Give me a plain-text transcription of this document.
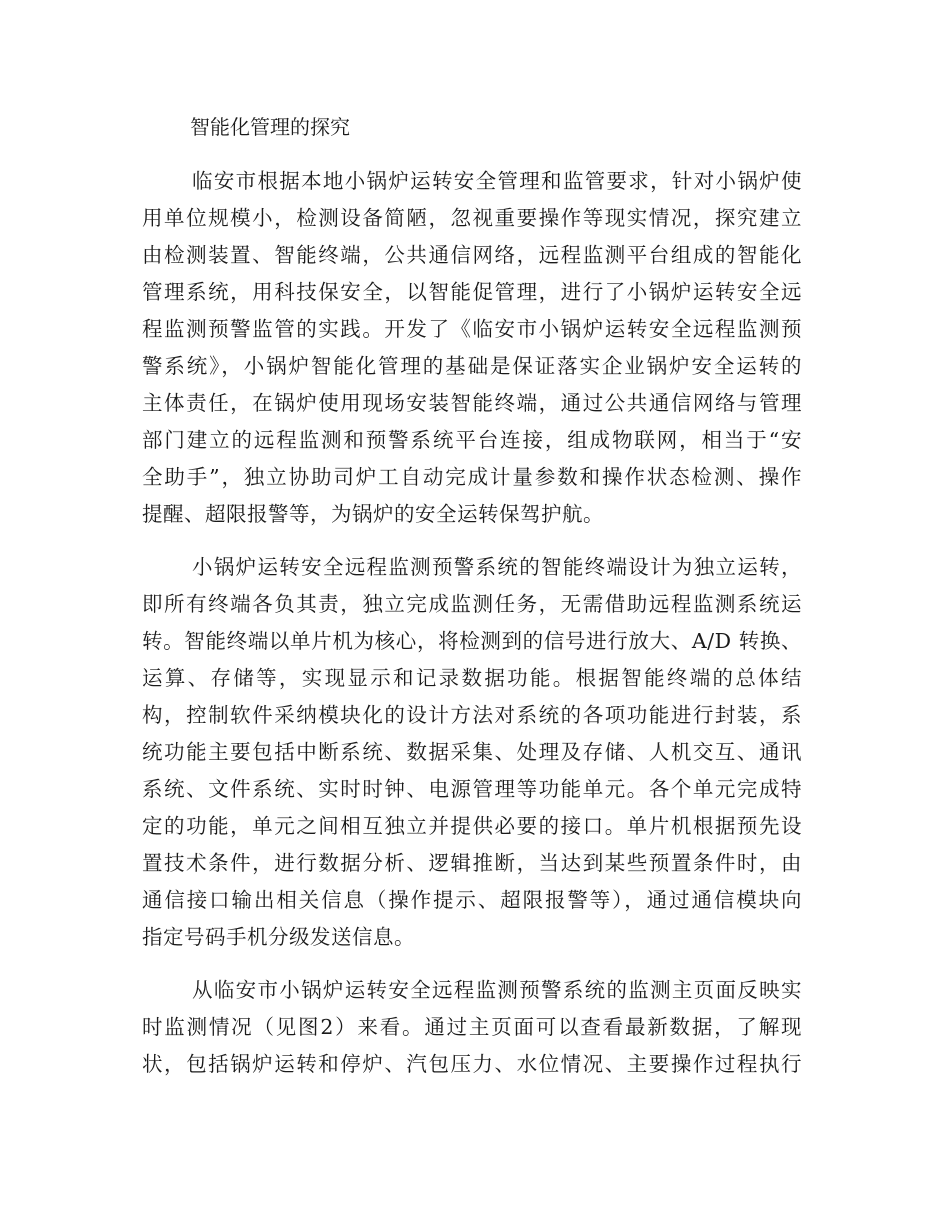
智能化管理的探究
临安市根据本地小锅炉运转安全管理和监管要求，针对小锅炉使
用单位规模小，检测设备简陋，忽视重要操作等现实情况，探究建立
由检测装置、智能终端，公共通信网络，远程监测平台组成的智能化
管理系统，用科技保安全，以智能促管理，进行了小锅炉运转安全远
程监测预警监管的实践。开发了《临安市小锅炉运转安全远程监测预
警系统》，小锅炉智能化管理的基础是保证落实企业锅炉安全运转的
主体责任，在锅炉使用现场安装智能终端，通过公共通信网络与管理
部门建立的远程监测和预警系统平台连接，组成物联网，相当于“安
全助手”，独立协助司炉工自动完成计量参数和操作状态检测、操作
提醒、超限报警等，为锅炉的安全运转保驾护航。
小锅炉运转安全远程监测预警系统的智能终端设计为独立运转，
即所有终端各负其责，独立完成监测任务，无需借助远程监测系统运
转。智能终端以单片机为核心，将检测到的信号进行放大、A/D 转换、
运算、存储等，实现显示和记录数据功能。根据智能终端的总体结
构，控制软件采纳模块化的设计方法对系统的各项功能进行封装，系
统功能主要包括中断系统、数据采集、处理及存储、人机交互、通讯
系统、文件系统、实时时钟、电源管理等功能单元。各个单元完成特
定的功能，单元之间相互独立并提供必要的接口。单片机根据预先设
置技术条件，进行数据分析、逻辑推断，当达到某些预置条件时，由
通信接口输出相关信息（操作提示、超限报警等），通过通信模块向
指定号码手机分级发送信息。
从临安市小锅炉运转安全远程监测预警系统的监测主页面反映实
时监测情况（见图2）来看。通过主页面可以查看最新数据，了解现
状，包括锅炉运转和停炉、汽包压力、水位情况、主要操作过程执行
